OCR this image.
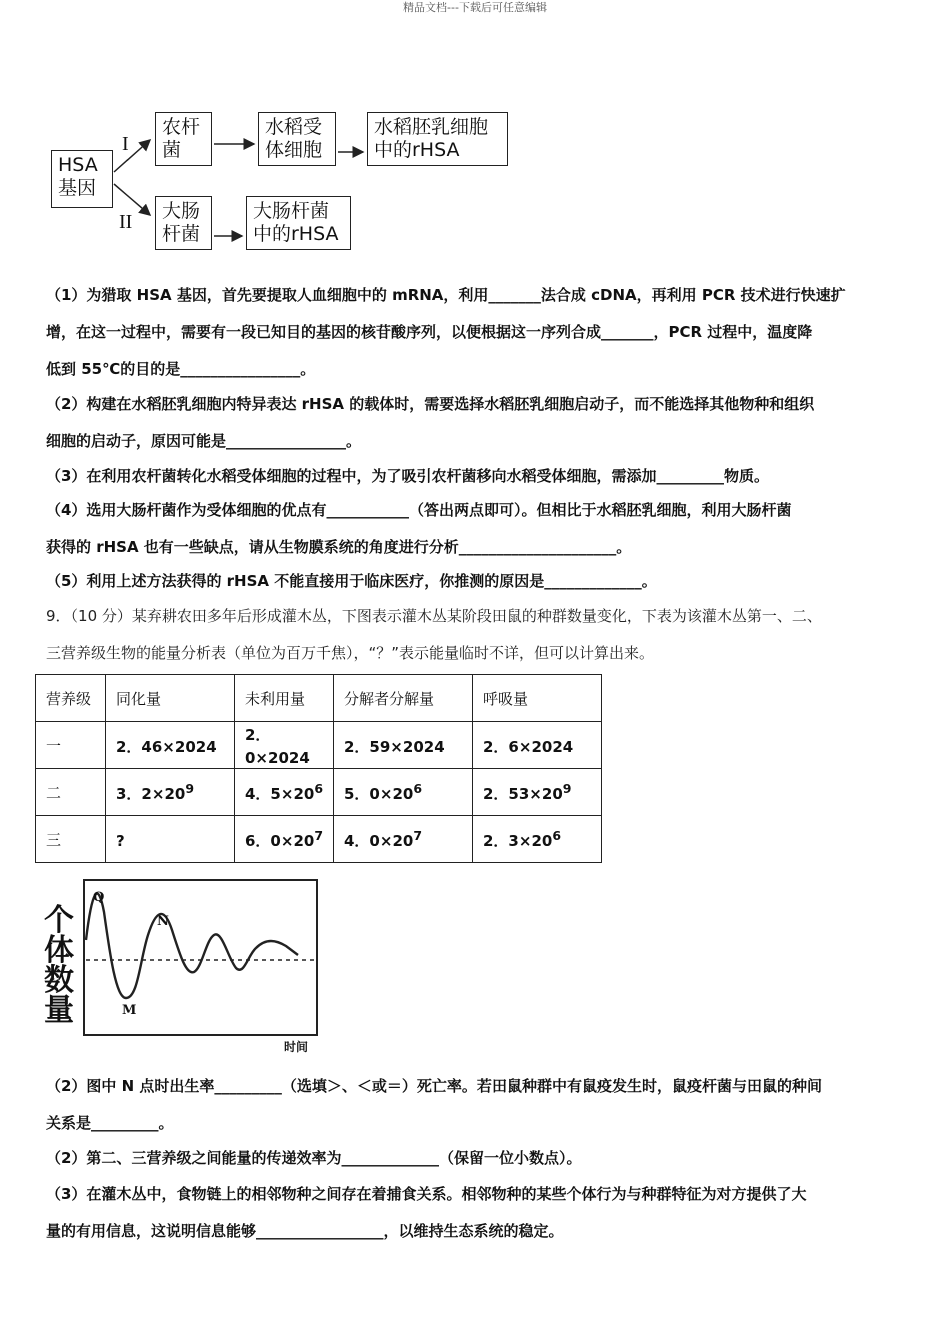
精品文档---下载后可任意编辑
HSA
基因
I
II
农杆
菌
水稻受
体细胞
水稻胚乳细胞
中的rHSA
大肠
杆菌
大肠杆菌
中的rHSA
（1）为猎取 HSA 基因，首先要提取人血细胞中的 mRNA，利用_______法合成 cDNA，再利用 PCR 技术进行快速扩
增，在这一过程中，需要有一段已知目的基因的核苷酸序列，以便根据这一序列合成_______，PCR 过程中，温度降
低到 55℃的目的是________________。
（2）构建在水稻胚乳细胞内特异表达 rHSA 的载体时，需要选择水稻胚乳细胞启动子，而不能选择其他物种和组织
细胞的启动子，原因可能是________________。
（3）在利用农杆菌转化水稻受体细胞的过程中，为了吸引农杆菌移向水稻受体细胞，需添加_________物质。
（4）选用大肠杆菌作为受体细胞的优点有___________（答出两点即可）。但相比于水稻胚乳细胞，利用大肠杆菌
获得的 rHSA 也有一些缺点，请从生物膜系统的角度进行分析_____________________。
（5）利用上述方法获得的 rHSA 不能直接用于临床医疗，你推测的原因是_____________。
9．（10 分）某弃耕农田多年后形成灌木丛，下图表示灌木丛某阶段田鼠的种群数量变化，下表为该灌木丛第一、二、
三营养级生物的能量分析表（单位为百万千焦），“？”表示能量临时不详，但可以计算出来。
营养级	同化量	未利用量	分解者分解量	呼吸量
一	2．46×2024	2．0×2024	2．59×2024	2．6×2024
二	3．$2\times 20^9$	4．$5\times 20^6$	5．$0\times 20^6$	2．$53\times 20^9$
三	?	6．$0\times 20^7$	4．$0\times 20^7$	2．$3\times 20^6$
个
体
数
量
Q
N
M
时间
（2）图中 N 点时出生率_________（选填＞、＜或＝）死亡率。若田鼠种群中有鼠疫发生时，鼠疫杆菌与田鼠的种间
关系是_________。
（2）第二、三营养级之间能量的传递效率为_____________（保留一位小数点）。
（3）在灌木丛中，食物链上的相邻物种之间存在着捕食关系。相邻物种的某些个体行为与种群特征为对方提供了大
量的有用信息，这说明信息能够_________________，以维持生态系统的稳定。
